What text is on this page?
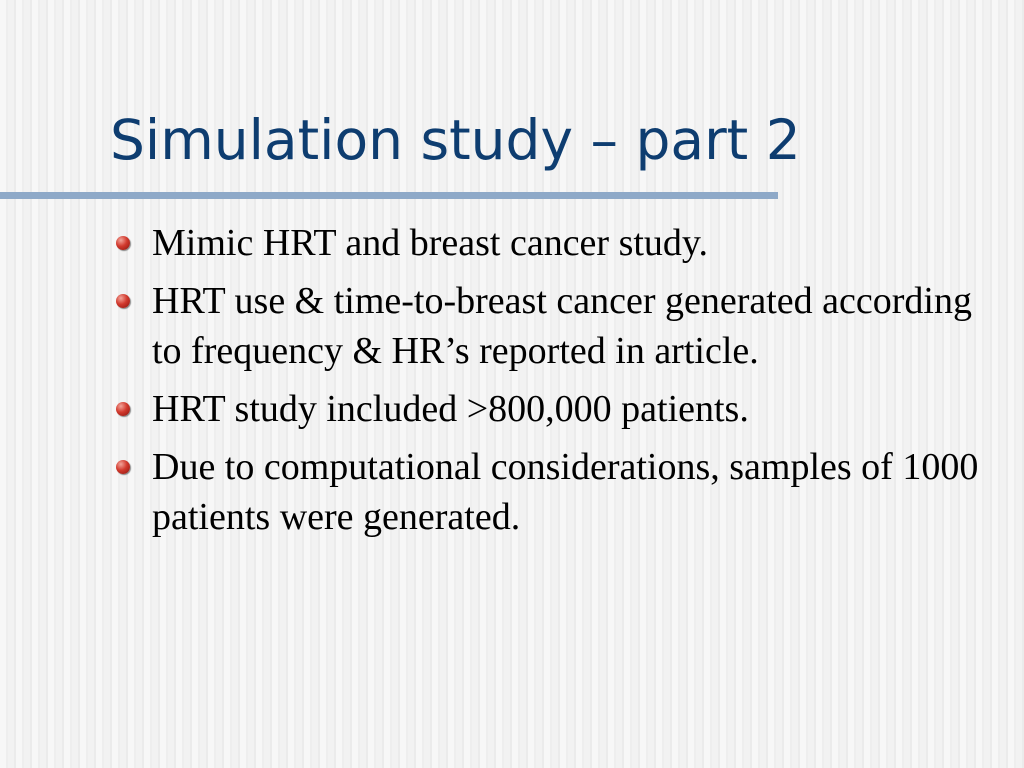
Simulation study – part 2
Mimic HRT and breast cancer study.
HRT use & time-to-breast cancer generated according to frequency & HR’s reported in article.
HRT study included >800,000 patients.
Due to computational considerations, samples of 1000 patients were generated.
